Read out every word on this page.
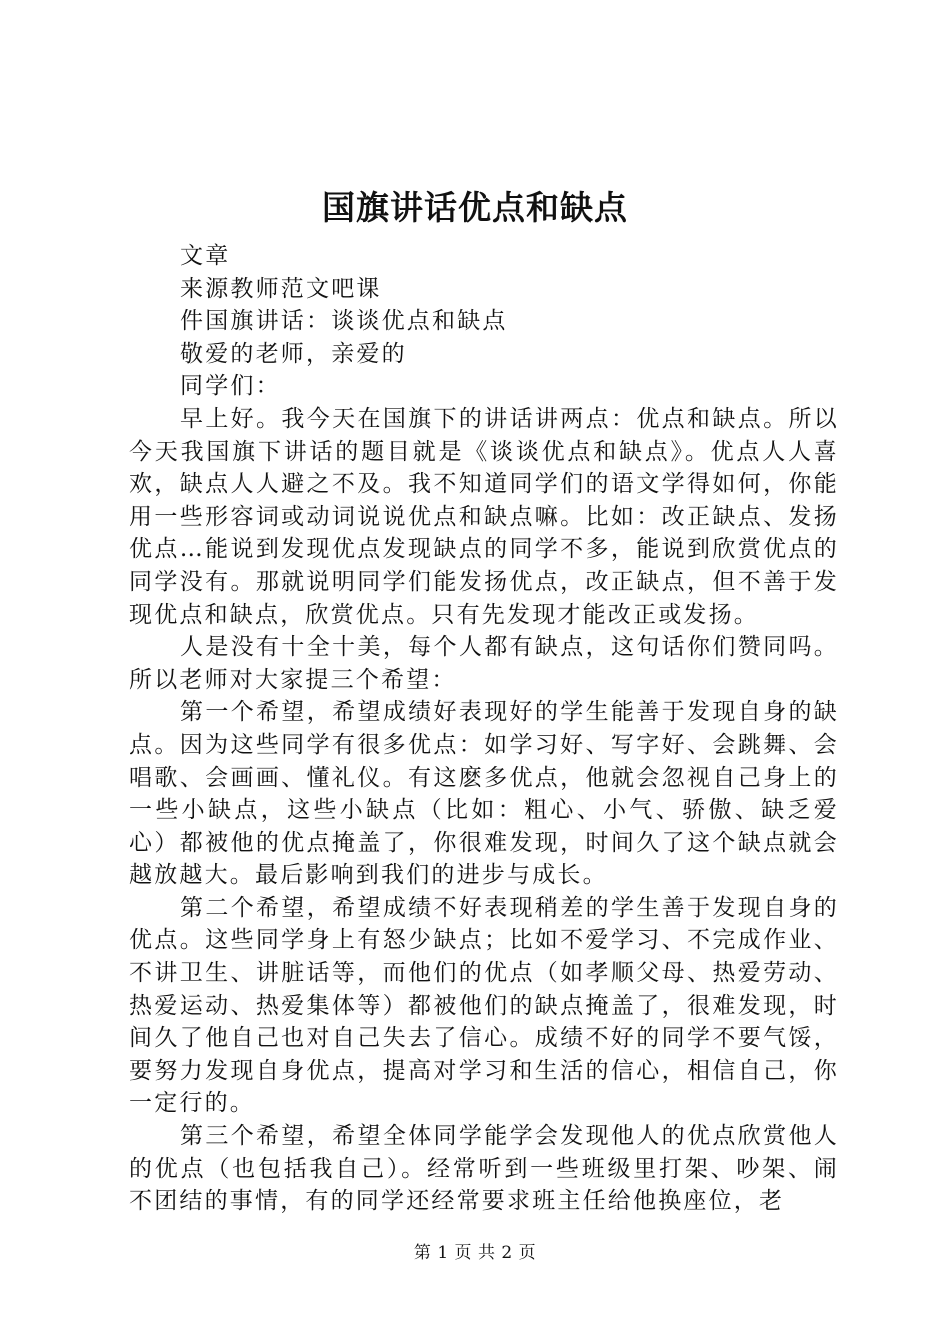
国旗讲话优点和缺点
文章
来源教师范文吧课
件国旗讲话：谈谈优点和缺点
敬爱的老师，亲爱的
同学们：

早上好。我今天在国旗下的讲话讲两点：优点和缺点。所以今天我国旗下讲话的题目就是《谈谈优点和缺点》。优点人人喜欢，缺点人人避之不及。我不知道同学们的语文学得如何，你能用一些形容词或动词说说优点和缺点嘛。比如：改正缺点、发扬优点…能说到发现优点发现缺点的同学不多，能说到欣赏优点的同学没有。那就说明同学们能发扬优点，改正缺点，但不善于发现优点和缺点，欣赏优点。只有先发现才能改正或发扬。

人是没有十全十美，每个人都有缺点，这句话你们赞同吗。所以老师对大家提三个希望：

第一个希望，希望成绩好表现好的学生能善于发现自身的缺点。因为这些同学有很多优点：如学习好、写字好、会跳舞、会唱歌、会画画、懂礼仪。有这麽多优点，他就会忽视自己身上的一些小缺点，这些小缺点（比如：粗心、小气、骄傲、缺乏爱心）都被他的优点掩盖了，你很难发现，时间久了这个缺点就会越放越大。最后影响到我们的进步与成长。

第二个希望，希望成绩不好表现稍差的学生善于发现自身的优点。这些同学身上有怒少缺点；比如不爱学习、不完成作业、不讲卫生、讲脏话等，而他们的优点（如孝顺父母、热爱劳动、热爱运动、热爱集体等）都被他们的缺点掩盖了，很难发现，时间久了他自己也对自己失去了信心。成绩不好的同学不要气馁，要努力发现自身优点，提高对学习和生活的信心，相信自己，你一定行的。

第三个希望，希望全体同学能学会发现他人的优点欣赏他人的优点（也包括我自己）。经常听到一些班级里打架、吵架、闹不团结的事情，有的同学还经常要求班主任给他换座位，老

第 1 页 共 2 页
